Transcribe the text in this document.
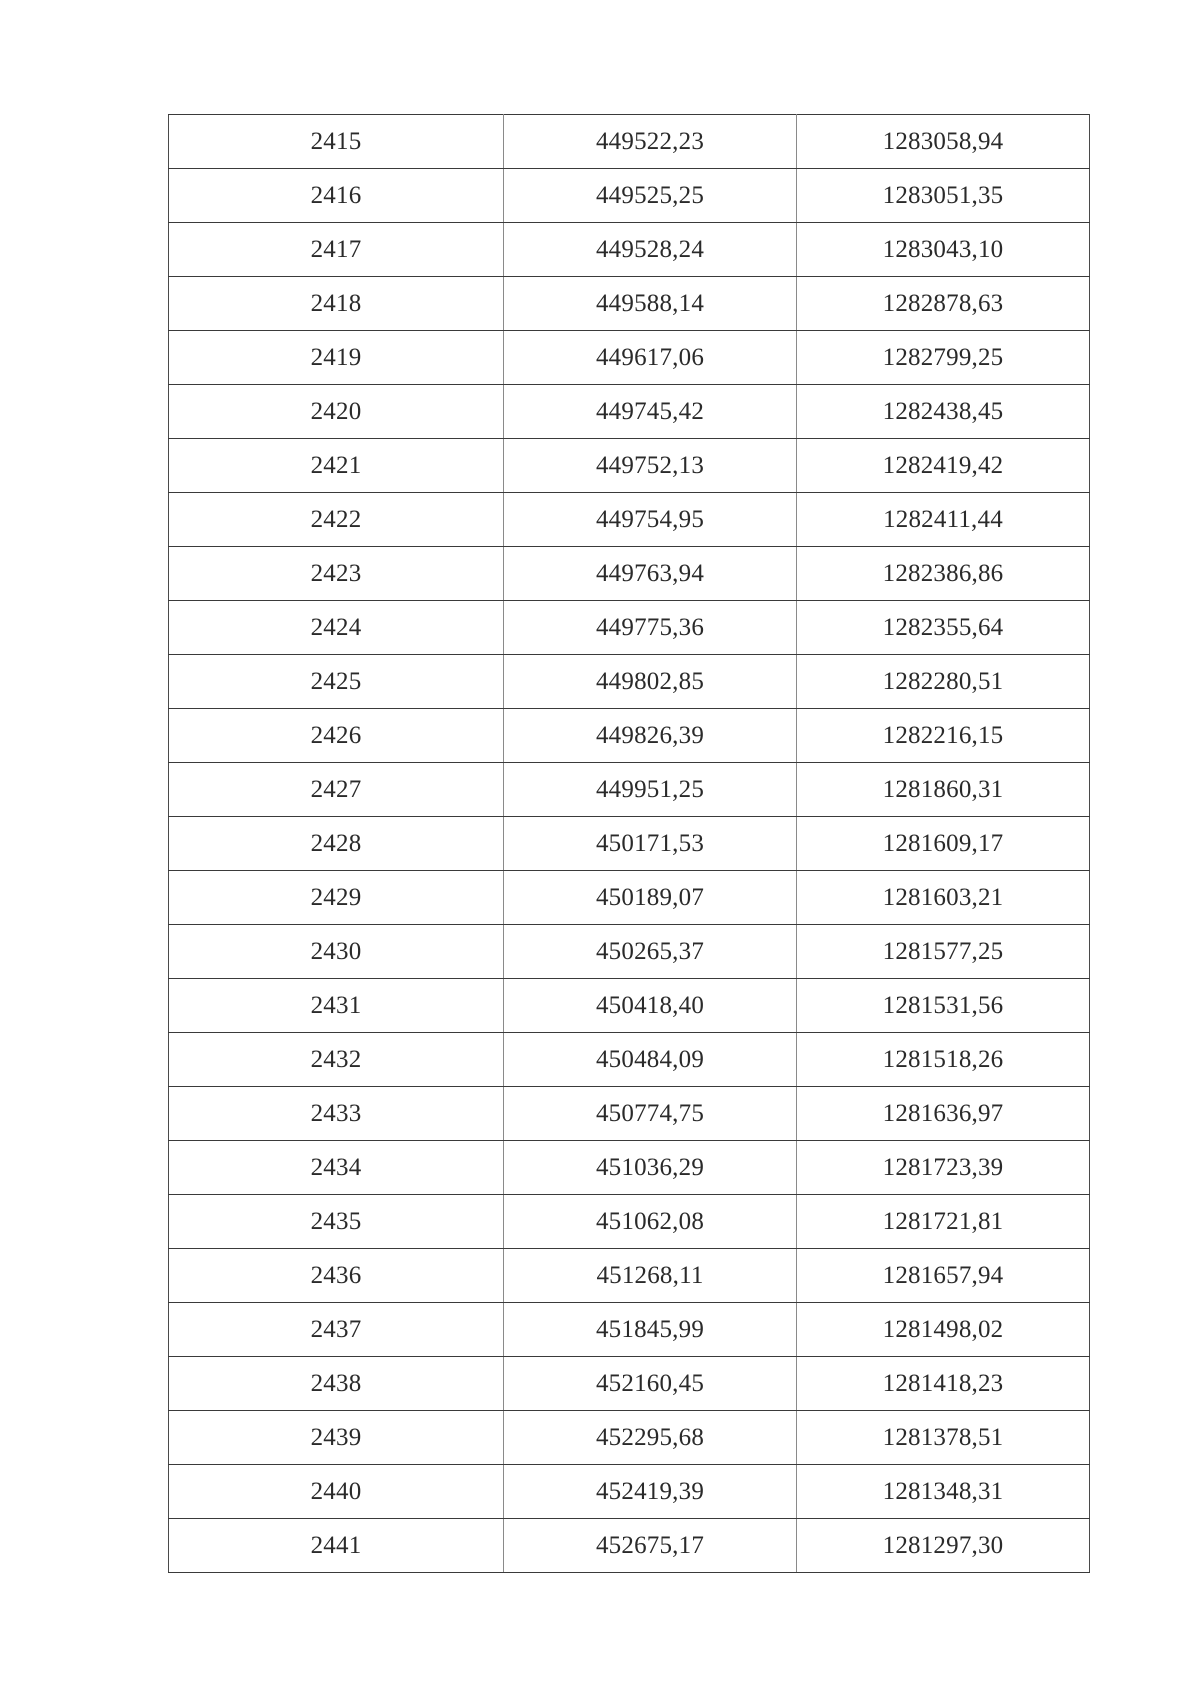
2415	449522,23	1283058,94
2416	449525,25	1283051,35
2417	449528,24	1283043,10
2418	449588,14	1282878,63
2419	449617,06	1282799,25
2420	449745,42	1282438,45
2421	449752,13	1282419,42
2422	449754,95	1282411,44
2423	449763,94	1282386,86
2424	449775,36	1282355,64
2425	449802,85	1282280,51
2426	449826,39	1282216,15
2427	449951,25	1281860,31
2428	450171,53	1281609,17
2429	450189,07	1281603,21
2430	450265,37	1281577,25
2431	450418,40	1281531,56
2432	450484,09	1281518,26
2433	450774,75	1281636,97
2434	451036,29	1281723,39
2435	451062,08	1281721,81
2436	451268,11	1281657,94
2437	451845,99	1281498,02
2438	452160,45	1281418,23
2439	452295,68	1281378,51
2440	452419,39	1281348,31
2441	452675,17	1281297,30
